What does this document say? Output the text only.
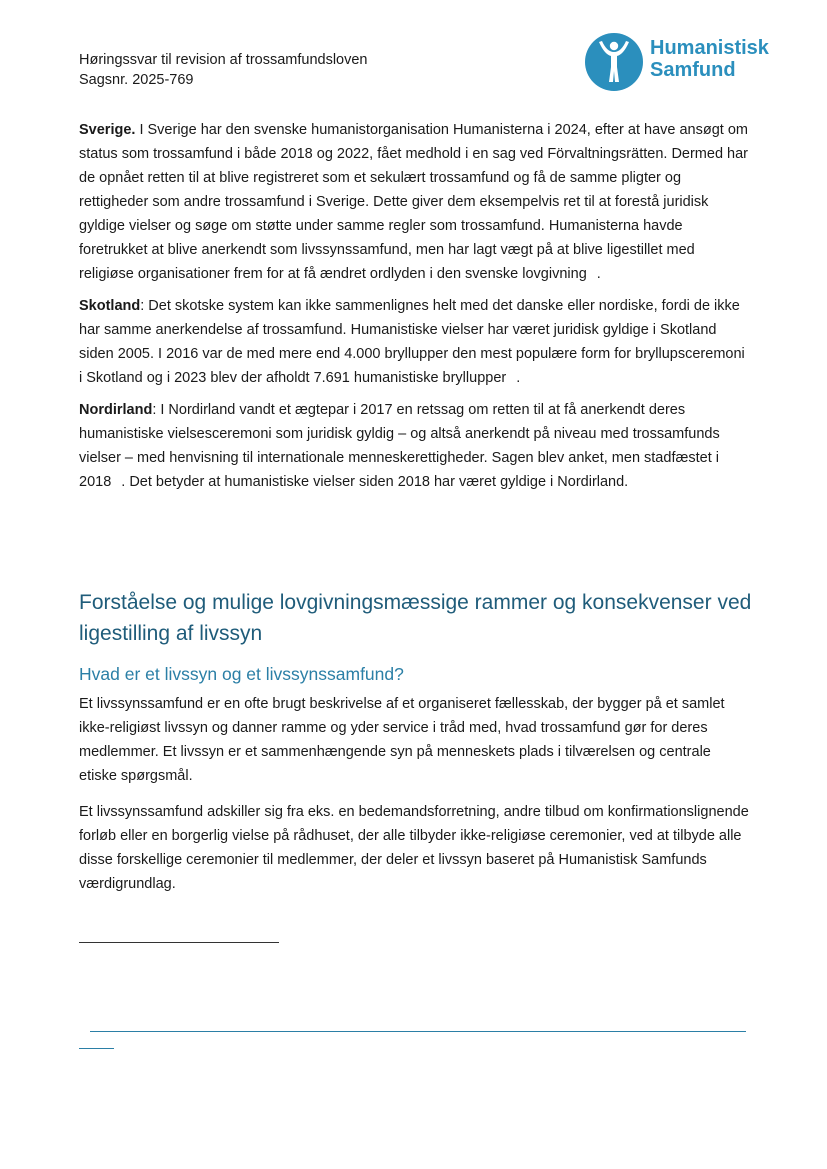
Høringssvar til revision af trossamfundsloven
Sagsnr. 2025-769
Humanistisk
Samfund

Sverige. I Sverige har den svenske humanistorganisation Humanisterna i 2024, efter at have ansøgt om status som trossamfund i både 2018 og 2022, fået medhold i en sag ved Förvaltningsrätten. Dermed har de opnået retten til at blive registreret som et sekulært trossamfund og få de samme pligter og rettigheder som andre trossamfund i Sverige. Dette giver dem eksempelvis ret til at forestå juridisk gyldige vielser og søge om støtte under samme regler som trossamfund. Humanisterna havde foretrukket at blive anerkendt som livssynssamfund, men har lagt vægt på at blive ligestillet med religiøse organisationer frem for at få ændret ordlyden i den svenske lovgivning .

Skotland: Det skotske system kan ikke sammenlignes helt med det danske eller nordiske, fordi de ikke har samme anerkendelse af trossamfund. Humanistiske vielser har været juridisk gyldige i Skotland siden 2005. I 2016 var de med mere end 4.000 bryllupper den mest populære form for bryllupsceremoni i Skotland og i 2023 blev der afholdt 7.691 humanistiske bryllupper .

Nordirland: I Nordirland vandt et ægtepar i 2017 en retssag om retten til at få anerkendt deres humanistiske vielsesceremoni som juridisk gyldig – og altså anerkendt på niveau med trossamfunds vielser – med henvisning til internationale menneskerettigheder. Sagen blev anket, men stadfæstet i 2018 . Det betyder at humanistiske vielser siden 2018 har været gyldige i Nordirland.

Forståelse og mulige lovgivningsmæssige rammer og konsekvenser ved ligestilling af livssyn
Hvad er et livssyn og et livssynssamfund?

Et livssynssamfund er en ofte brugt beskrivelse af et organiseret fællesskab, der bygger på et samlet ikke-religiøst livssyn og danner ramme og yder service i tråd med, hvad trossamfund gør for deres medlemmer. Et livssyn er et sammenhængende syn på menneskets plads i tilværelsen og centrale etiske spørgsmål.

Et livssynssamfund adskiller sig fra eks. en bedemandsforretning, andre tilbud om konfirmationslignende forløb eller en borgerlig vielse på rådhuset, der alle tilbyder ikke-religiøse ceremonier, ved at tilbyde alle disse forskellige ceremonier til medlemmer, der deler et livssyn baseret på Humanistisk Samfunds værdigrundlag.
